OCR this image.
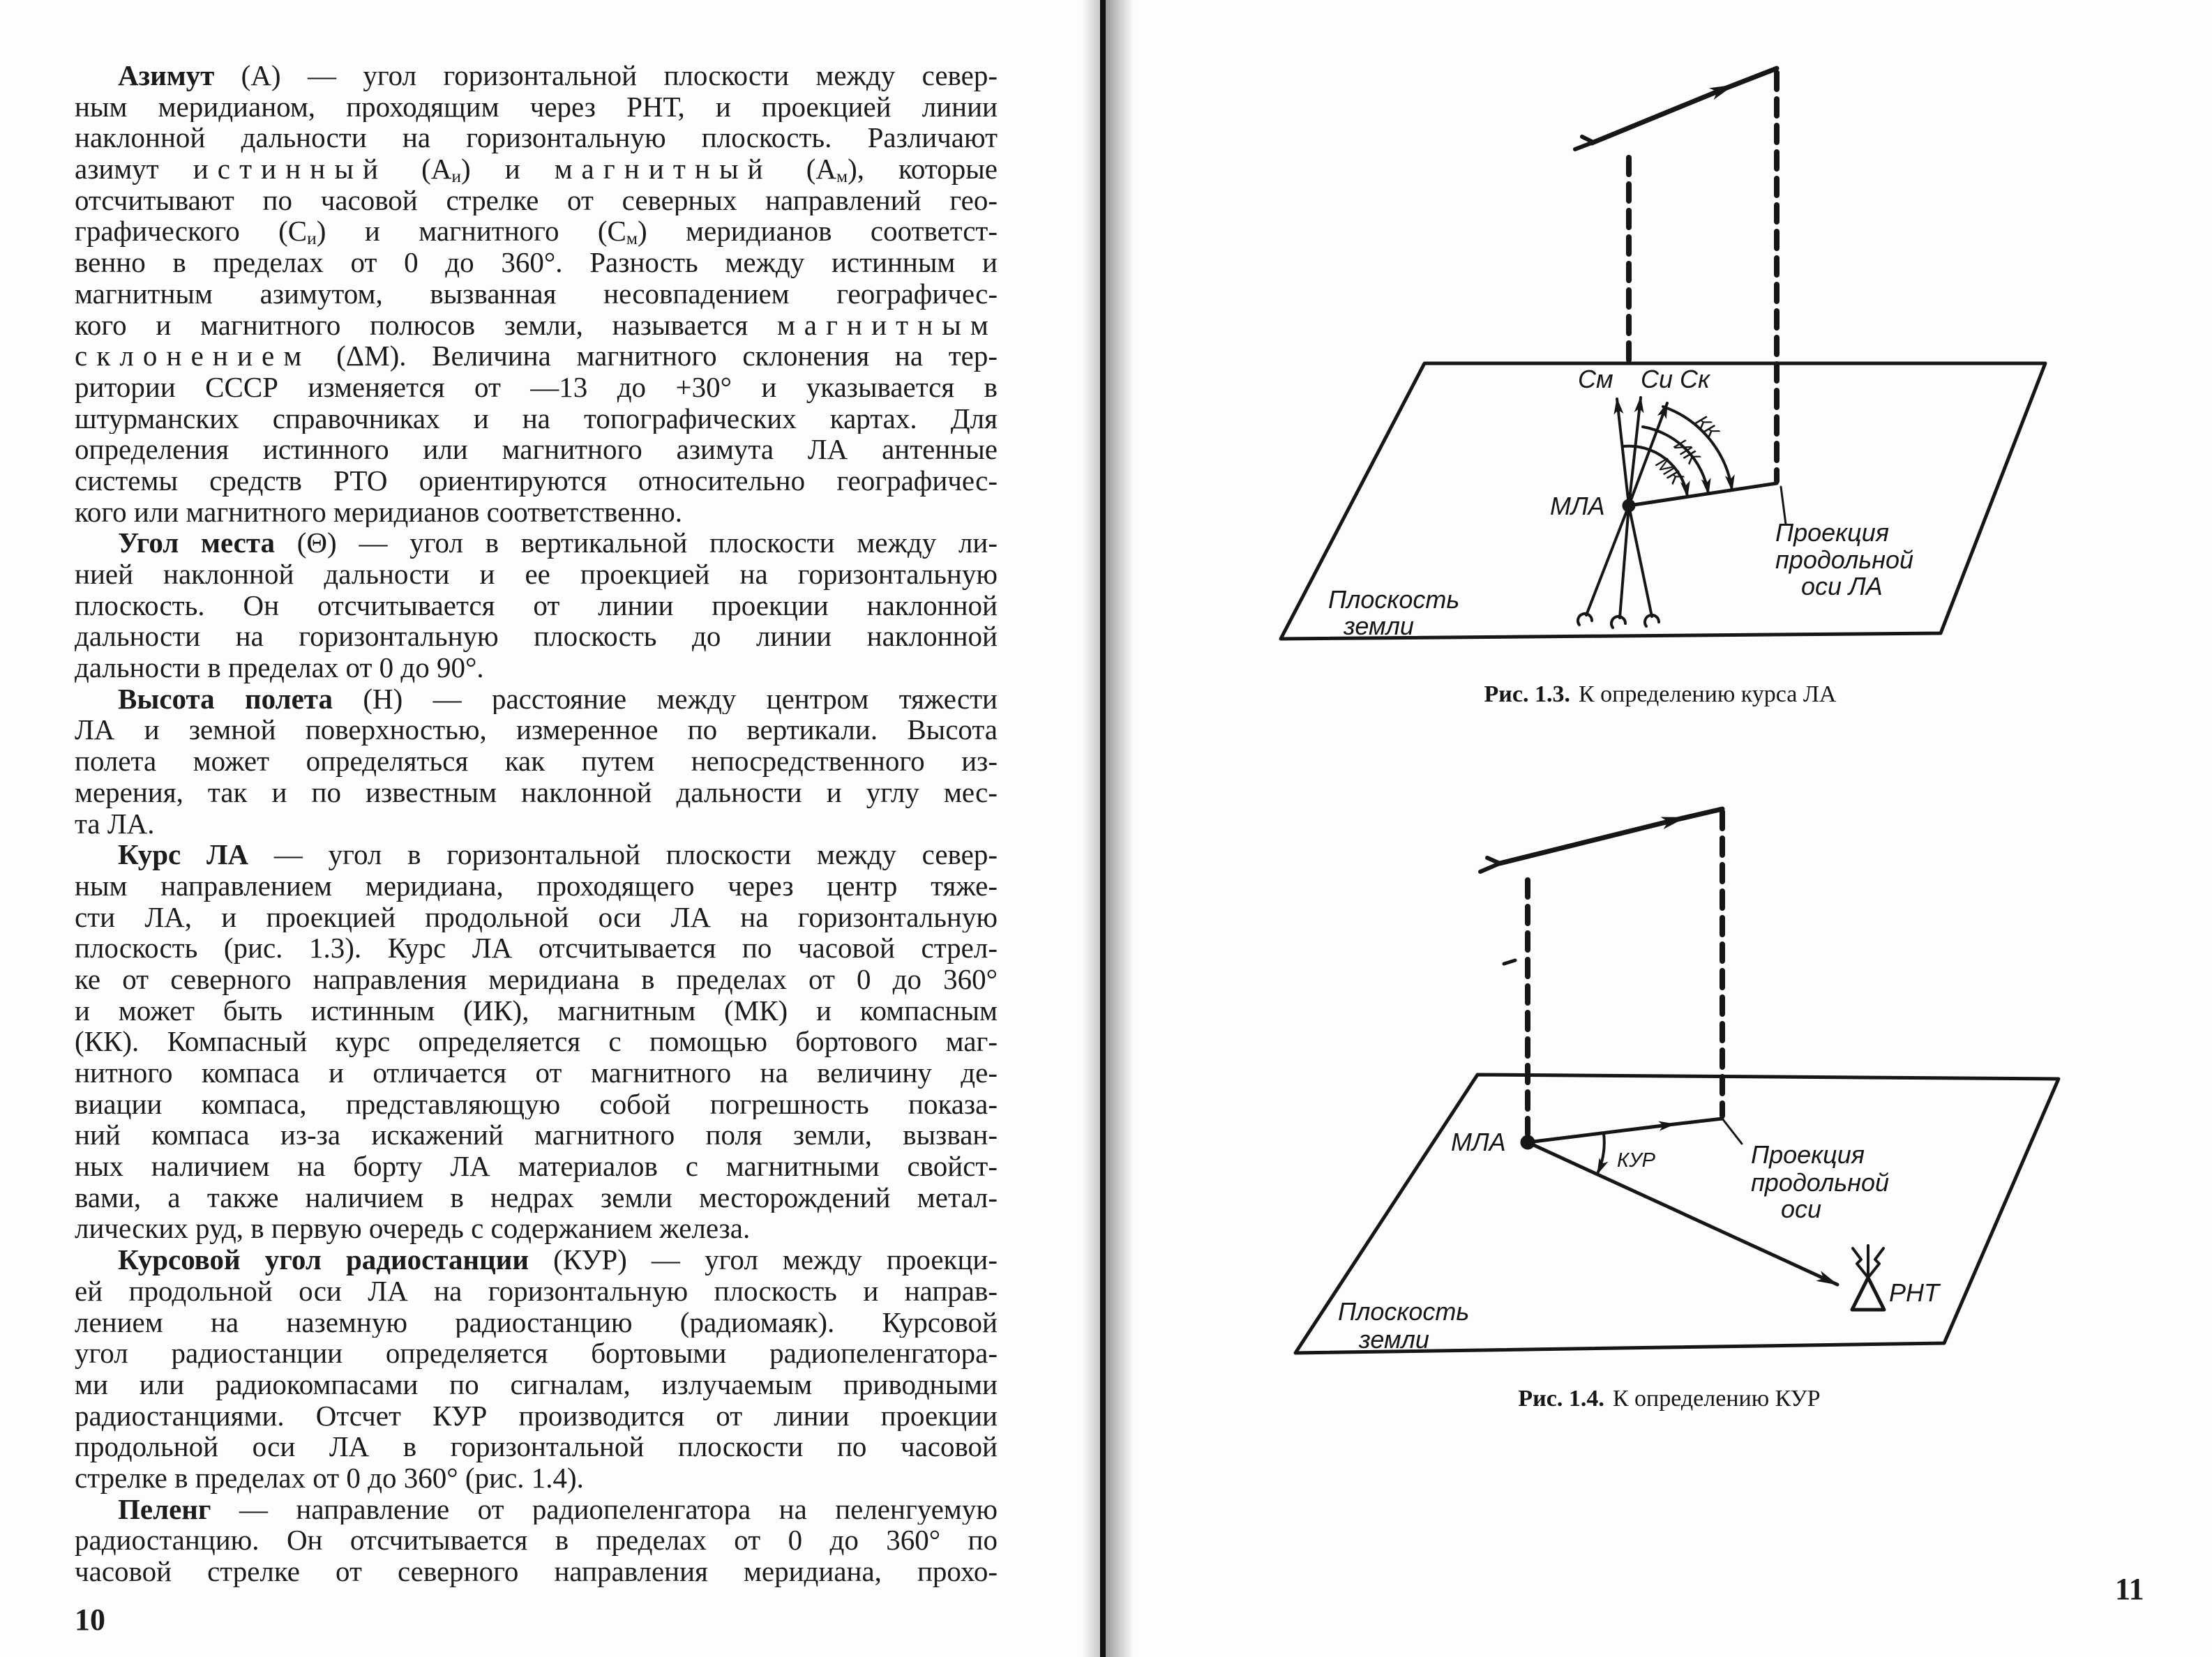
Азимут (А) — угол горизонтальной плоскости между север-
ным меридианом, проходящим через РНТ, и проекцией линии
наклонной дальности на горизонтальную плоскость. Различают
азимут истинный $(А_и)$ и магнитный $(А_м)$, которые
отсчитывают по часовой стрелке от северных направлений гео-
графического $(С_и)$ и магнитного $(С_м)$ меридианов соответст-
венно в пределах от 0 до 360°. Разность между истинным и
магнитным азимутом, вызванная несовпадением географичес-
кого и магнитного полюсов земли, называется магнитным
склонением (ΔМ). Величина магнитного склонения на тер-
ритории СССР изменяется от —13 до +30° и указывается в
штурманских справочниках и на топографических картах. Для
определения истинного или магнитного азимута ЛА антенные
системы средств РТО ориентируются относительно географичес-
кого или магнитного меридианов соответственно.
Угол места (Θ) — угол в вертикальной плоскости между ли-
нией наклонной дальности и ее проекцией на горизонтальную
плоскость. Он отсчитывается от линии проекции наклонной
дальности на горизонтальную плоскость до линии наклонной
дальности в пределах от 0 до 90°.
Высота полета (Н) — расстояние между центром тяжести
ЛА и земной поверхностью, измеренное по вертикали. Высота
полета может определяться как путем непосредственного из-
мерения, так и по известным наклонной дальности и углу мес-
та ЛА.
Курс ЛА — угол в горизонтальной плоскости между север-
ным направлением меридиана, проходящего через центр тяже-
сти ЛА, и проекцией продольной оси ЛА на горизонтальную
плоскость (рис. 1.3). Курс ЛА отсчитывается по часовой стрел-
ке от северного направления меридиана в пределах от 0 до 360°
и может быть истинным (ИК), магнитным (МК) и компасным
(КК). Компасный курс определяется с помощью бортового маг-
нитного компаса и отличается от магнитного на величину де-
виации компаса, представляющую собой погрешность показа-
ний компаса из-за искажений магнитного поля земли, вызван-
ных наличием на борту ЛА материалов с магнитными свойст-
вами, а также наличием в недрах земли месторождений метал-
лических руд, в первую очередь с содержанием железа.
Курсовой угол радиостанции (КУР) — угол между проекци-
ей продольной оси ЛА на горизонтальную плоскость и направ-
лением на наземную радиостанцию (радиомаяк). Курсовой
угол радиостанции определяется бортовыми радиопеленгатора-
ми или радиокомпасами по сигналам, излучаемым приводными
радиостанциями. Отсчет КУР производится от линии проекции
продольной оси ЛА в горизонтальной плоскости по часовой
стрелке в пределах от 0 до 360° (рис. 1.4).
Пеленг — направление от радиопеленгатора на пеленгуемую
радиостанцию. Он отсчитывается в пределах от 0 до 360° по
часовой стрелке от северного направления меридиана, прохо-
10
См Си Ск
КК
ИК
МК
МЛА
Проекция
продольной
оси ЛА
Плоскость
земли
Рис. 1.3. К определению курса ЛА
МЛА
КУР	Проекция
продольной
оси
РНТ
Плоскость
земли
Рис. 1.4. К определению КУР
11
